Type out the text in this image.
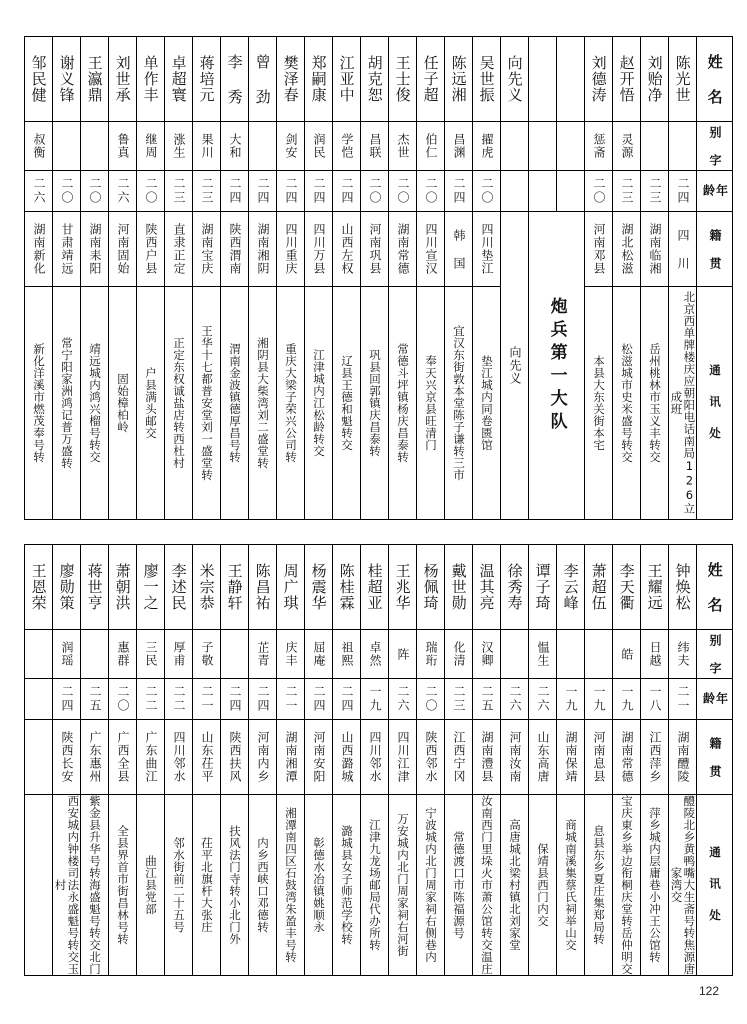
邹民健	谢义锋	王瀛鼎	刘世承	单作丰	卓超寰	蒋培元	李 秀	曾 劲	樊泽春	郑嗣康	江亚中	胡克恕	王士俊	任子超	陈远湘	吴世振	向先义			刘德涛	赵开悟	刘贻净	陈光世	姓 名

叔衡			鲁真	继周	涨生	果川	大和		剑安	润民	学恺	昌联	杰世	伯仁	昌渊	擢虎				惩斋	灵源			别 字

二六	二〇	二〇	二六	二〇	二三	二三	二四	二四	二四	二四	二四	二〇	二〇	二〇	二四	二〇				二〇	二三	二三	二四	年 龄

湖南新化	甘肃靖远	湖南耒阳	河南固始	陕西户县	直隶正定	湖南宝庆	陕西渭南	湖南湘阴	四川重庆	四川万县	山西左权	河南巩县	湖南常德	四川宣汉	韩 国	四川垫江	向先义	炮兵第一大队		河南邓县	湖北松滋	湖南临湘	四 川	籍 贯

新化洋溪市燃茂奉号转	常宁阳家洲鸿记普万盛转	靖远城内鸿兴榴号转交	固始樟柏岭	户县满头邮交	正定东权诚盐店转西杜村	王华十七都普安堂刘一盛堂转	渭南金波镇德厚昌号转	湘阴县大柴湾刘二盛堂转	重庆大梁子荣兴公司转	江津城内江松龄转交	辽县王德和魁转交	巩县回郭镇庆昌泰转	常德斗坪镇杨庆昌泰转	奉天兴京县旺清门	宜汉东街敦本堂陈子谦转三市	垫江城内同卷匮馆				本县大东关街本宅	松滋城市史米盛号转交	岳州桃林市玉义丰转交	北京西单牌楼庆应朝阳电话南局126立成班	通 讯 处
王恩荣	廖勋策	蒋世亨	萧朝洪	廖一之	李述民	米宗恭	王静轩	陈昌祐	周广琪	杨震华	陈桂霖	桂超亚	王兆华	杨佩琦	戴世勋	温其亮	徐秀寿	谭子琦	李云峰	萧超伍	李天衢	王耀远	钟焕松	姓 名

	润瑶		惠群	三民	厚甫	子敬		芷青	庆丰	屈庵	祖熙	卓然	阵	瑞珩	化清	汉卿		愠生			皓	日越	纬夫	别 字

	二四	二五	二〇	二二	二二	二一	二四	二四	二一	二四	二四	一九	二六	二〇	二三	二五	二六	二六	一九	一九	一九	一八	二一	年 龄

	陕西长安	广东惠州	广西全县	广东曲江	四川邻水	山东茌平	陕西扶风	河南内乡	湖南湘潭	河南安阳	山西潞城	四川邻水	四川江津	陕西邻水	江西宁冈	湖南澧县	河南汝南	山东高唐	湖南保靖	河南息县	湖南常德	江西萍乡	湖南醴陵	籍 贯

	西安城内钟楼司法永盛魁号转交玉村	紫金县升华号转海盛魁号转交北门	全县界首市街昌林号转	曲江县党部	邻水街前二十五号	茌平北旗杆大张庄	扶风法门寺转小北门外	内乡西峡口邓德转	湘潭南四区石鼓湾朱盈丰号转	彰德水冶镇姚顺永	潞城县女子师范学校转	江津九龙场邮局代办所转	万安城内北门周家祠右河街	宁波城内北门周家祠右侧巷内	常德渡口市陈福源号	汝南西门里垛火市萧公馆转交温庄	高唐城北梁村镇北刘家堂	保靖县西门内交	商城南溪集蔡氏祠举山交	息县东乡夏庄集郑局转	宝庆東乡举边衔桐庆堂转岳仲明交	萍乡城内层庸巷小冲王公馆转	醴陵北乡黄鸭嘴大生斋号转焦源唐家湾交	通 讯 处
122
